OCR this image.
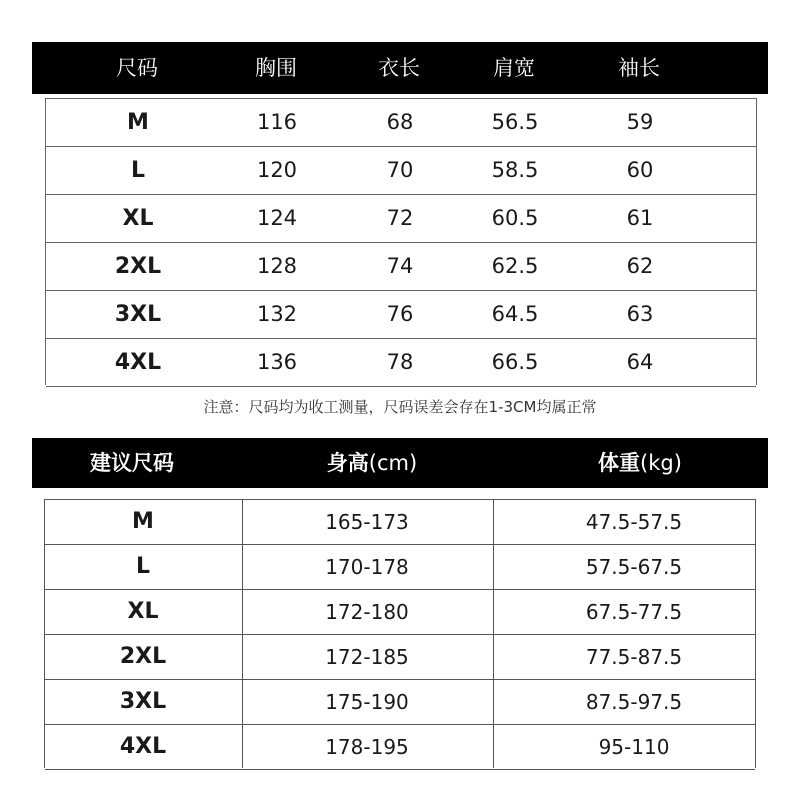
尺码	胸围	衣长	肩宽	袖长
M	116	68	56.5	59
L	120	70	58.5	60
XL	124	72	60.5	61
2XL	128	74	62.5	62
3XL	132	76	64.5	63
4XL	136	78	66.5	64
注意：尺码均为收工测量，尺码误差会存在1-3CM均属正常
建议尺码	身高(cm)	体重(kg)
M	165-173	47.5-57.5
L	170-178	57.5-67.5
XL	172-180	67.5-77.5
2XL	172-185	77.5-87.5
3XL	175-190	87.5-97.5
4XL	178-195	95-110
